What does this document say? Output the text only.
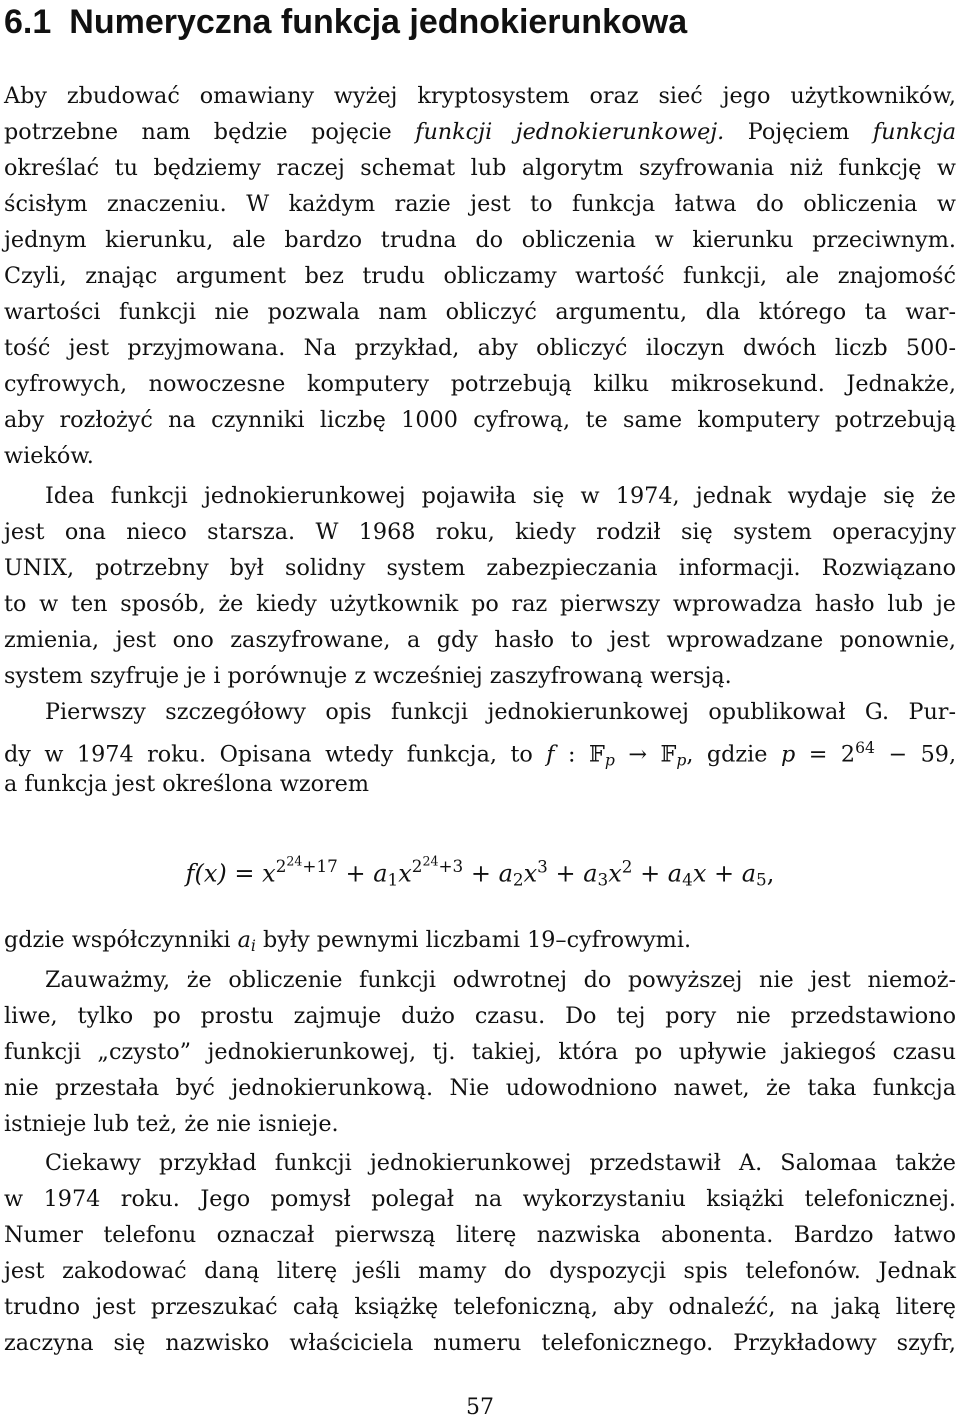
6.1 Numeryczna funkcja jednokierunkowa

Aby zbudować omawiany wyżej kryptosystem oraz sieć jego użytkowników,

potrzebne nam będzie pojęcie funkcji jednokierunkowej. Pojęciem funkcja

określać tu będziemy raczej schemat lub algorytm szyfrowania niż funkcję w

ścisłym znaczeniu. W każdym razie jest to funkcja łatwa do obliczenia w

jednym kierunku, ale bardzo trudna do obliczenia w kierunku przeciwnym.

Czyli, znając argument bez trudu obliczamy wartość funkcji, ale znajomość

wartości funkcji nie pozwala nam obliczyć argumentu, dla którego ta war-

tość jest przyjmowana. Na przykład, aby obliczyć iloczyn dwóch liczb 500-

cyfrowych, nowoczesne komputery potrzebują kilku mikrosekund. Jednakże,

aby rozłożyć na czynniki liczbę 1000 cyfrową, te same komputery potrzebują

wieków.

Idea funkcji jednokierunkowej pojawiła się w 1974, jednak wydaje się że

jest ona nieco starsza. W 1968 roku, kiedy rodził się system operacyjny

UNIX, potrzebny był solidny system zabezpieczania informacji. Rozwiązano

to w ten sposób, że kiedy użytkownik po raz pierwszy wprowadza hasło lub je

zmienia, jest ono zaszyfrowane, a gdy hasło to jest wprowadzane ponownie,

system szyfruje je i porównuje z wcześniej zaszyfrowaną wersją.

Pierwszy szczegółowy opis funkcji jednokierunkowej opublikował G. Pur-

dy w 1974 roku. Opisana wtedy funkcja, to f : 𝔽$_p$ → 𝔽$_p$, gdzie $p = 2^{64} - 59$,

a funkcja jest określona wzorem

$f(x) = x^{2^{24}+17} + a_1x^{2^{24}+3} + a_2x^3 + a_3x^2 + a_4x + a_5$,

gdzie współczynniki $a_i$ były pewnymi liczbami 19–cyfrowymi.

Zauważmy, że obliczenie funkcji odwrotnej do powyższej nie jest niemoż-

liwe, tylko po prostu zajmuje dużo czasu. Do tej pory nie przedstawiono

funkcji „czysto” jednokierunkowej, tj. takiej, która po upływie jakiegoś czasu

nie przestała być jednokierunkową. Nie udowodniono nawet, że taka funkcja

istnieje lub też, że nie isnieje.

Ciekawy przykład funkcji jednokierunkowej przedstawił A. Salomaa także

w 1974 roku. Jego pomysł polegał na wykorzystaniu książki telefonicznej.

Numer telefonu oznaczał pierwszą literę nazwiska abonenta. Bardzo łatwo

jest zakodować daną literę jeśli mamy do dyspozycji spis telefonów. Jednak

trudno jest przeszukać całą książkę telefoniczną, aby odnaleźć, na jaką literę

zaczyna się nazwisko właściciela numeru telefonicznego. Przykładowy szyfr,

57
